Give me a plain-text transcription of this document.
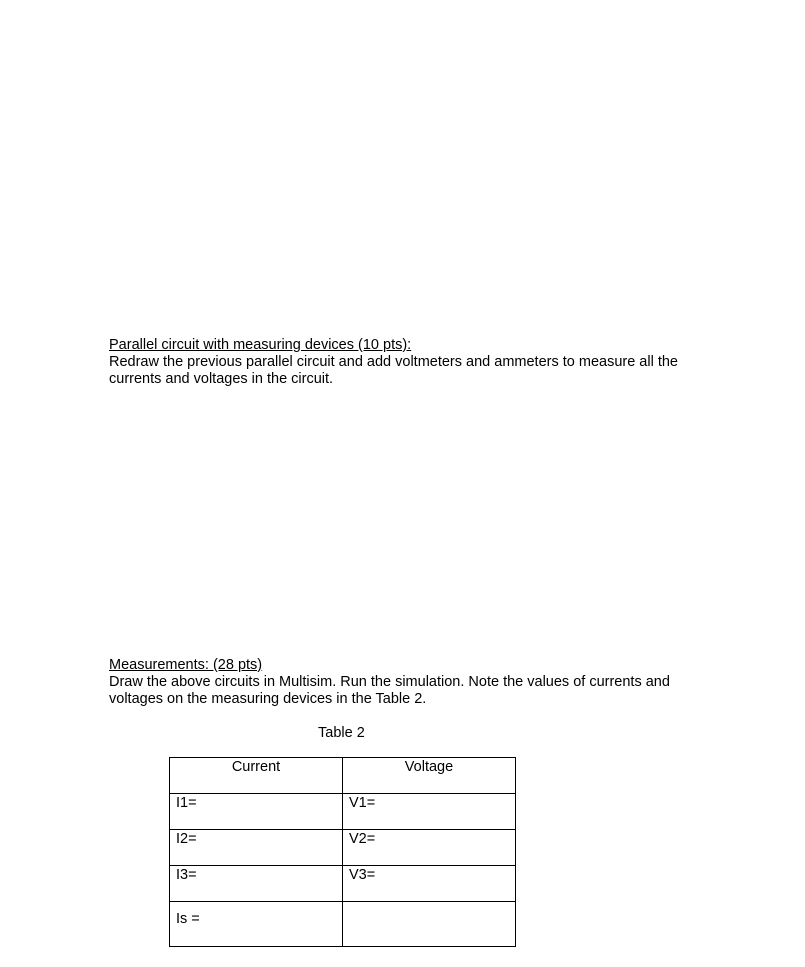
Parallel circuit with measuring devices (10 pts):

Redraw the previous parallel circuit and add voltmeters and ammeters to measure all the

currents and voltages in the circuit.

Measurements: (28 pts)

Draw the above circuits in Multisim. Run the simulation. Note the values of currents and

voltages on the measuring devices in the Table 2.

Table 2
Current	Voltage
I1=	V1=
I2=	V2=
I3=	V3=
Is =	
